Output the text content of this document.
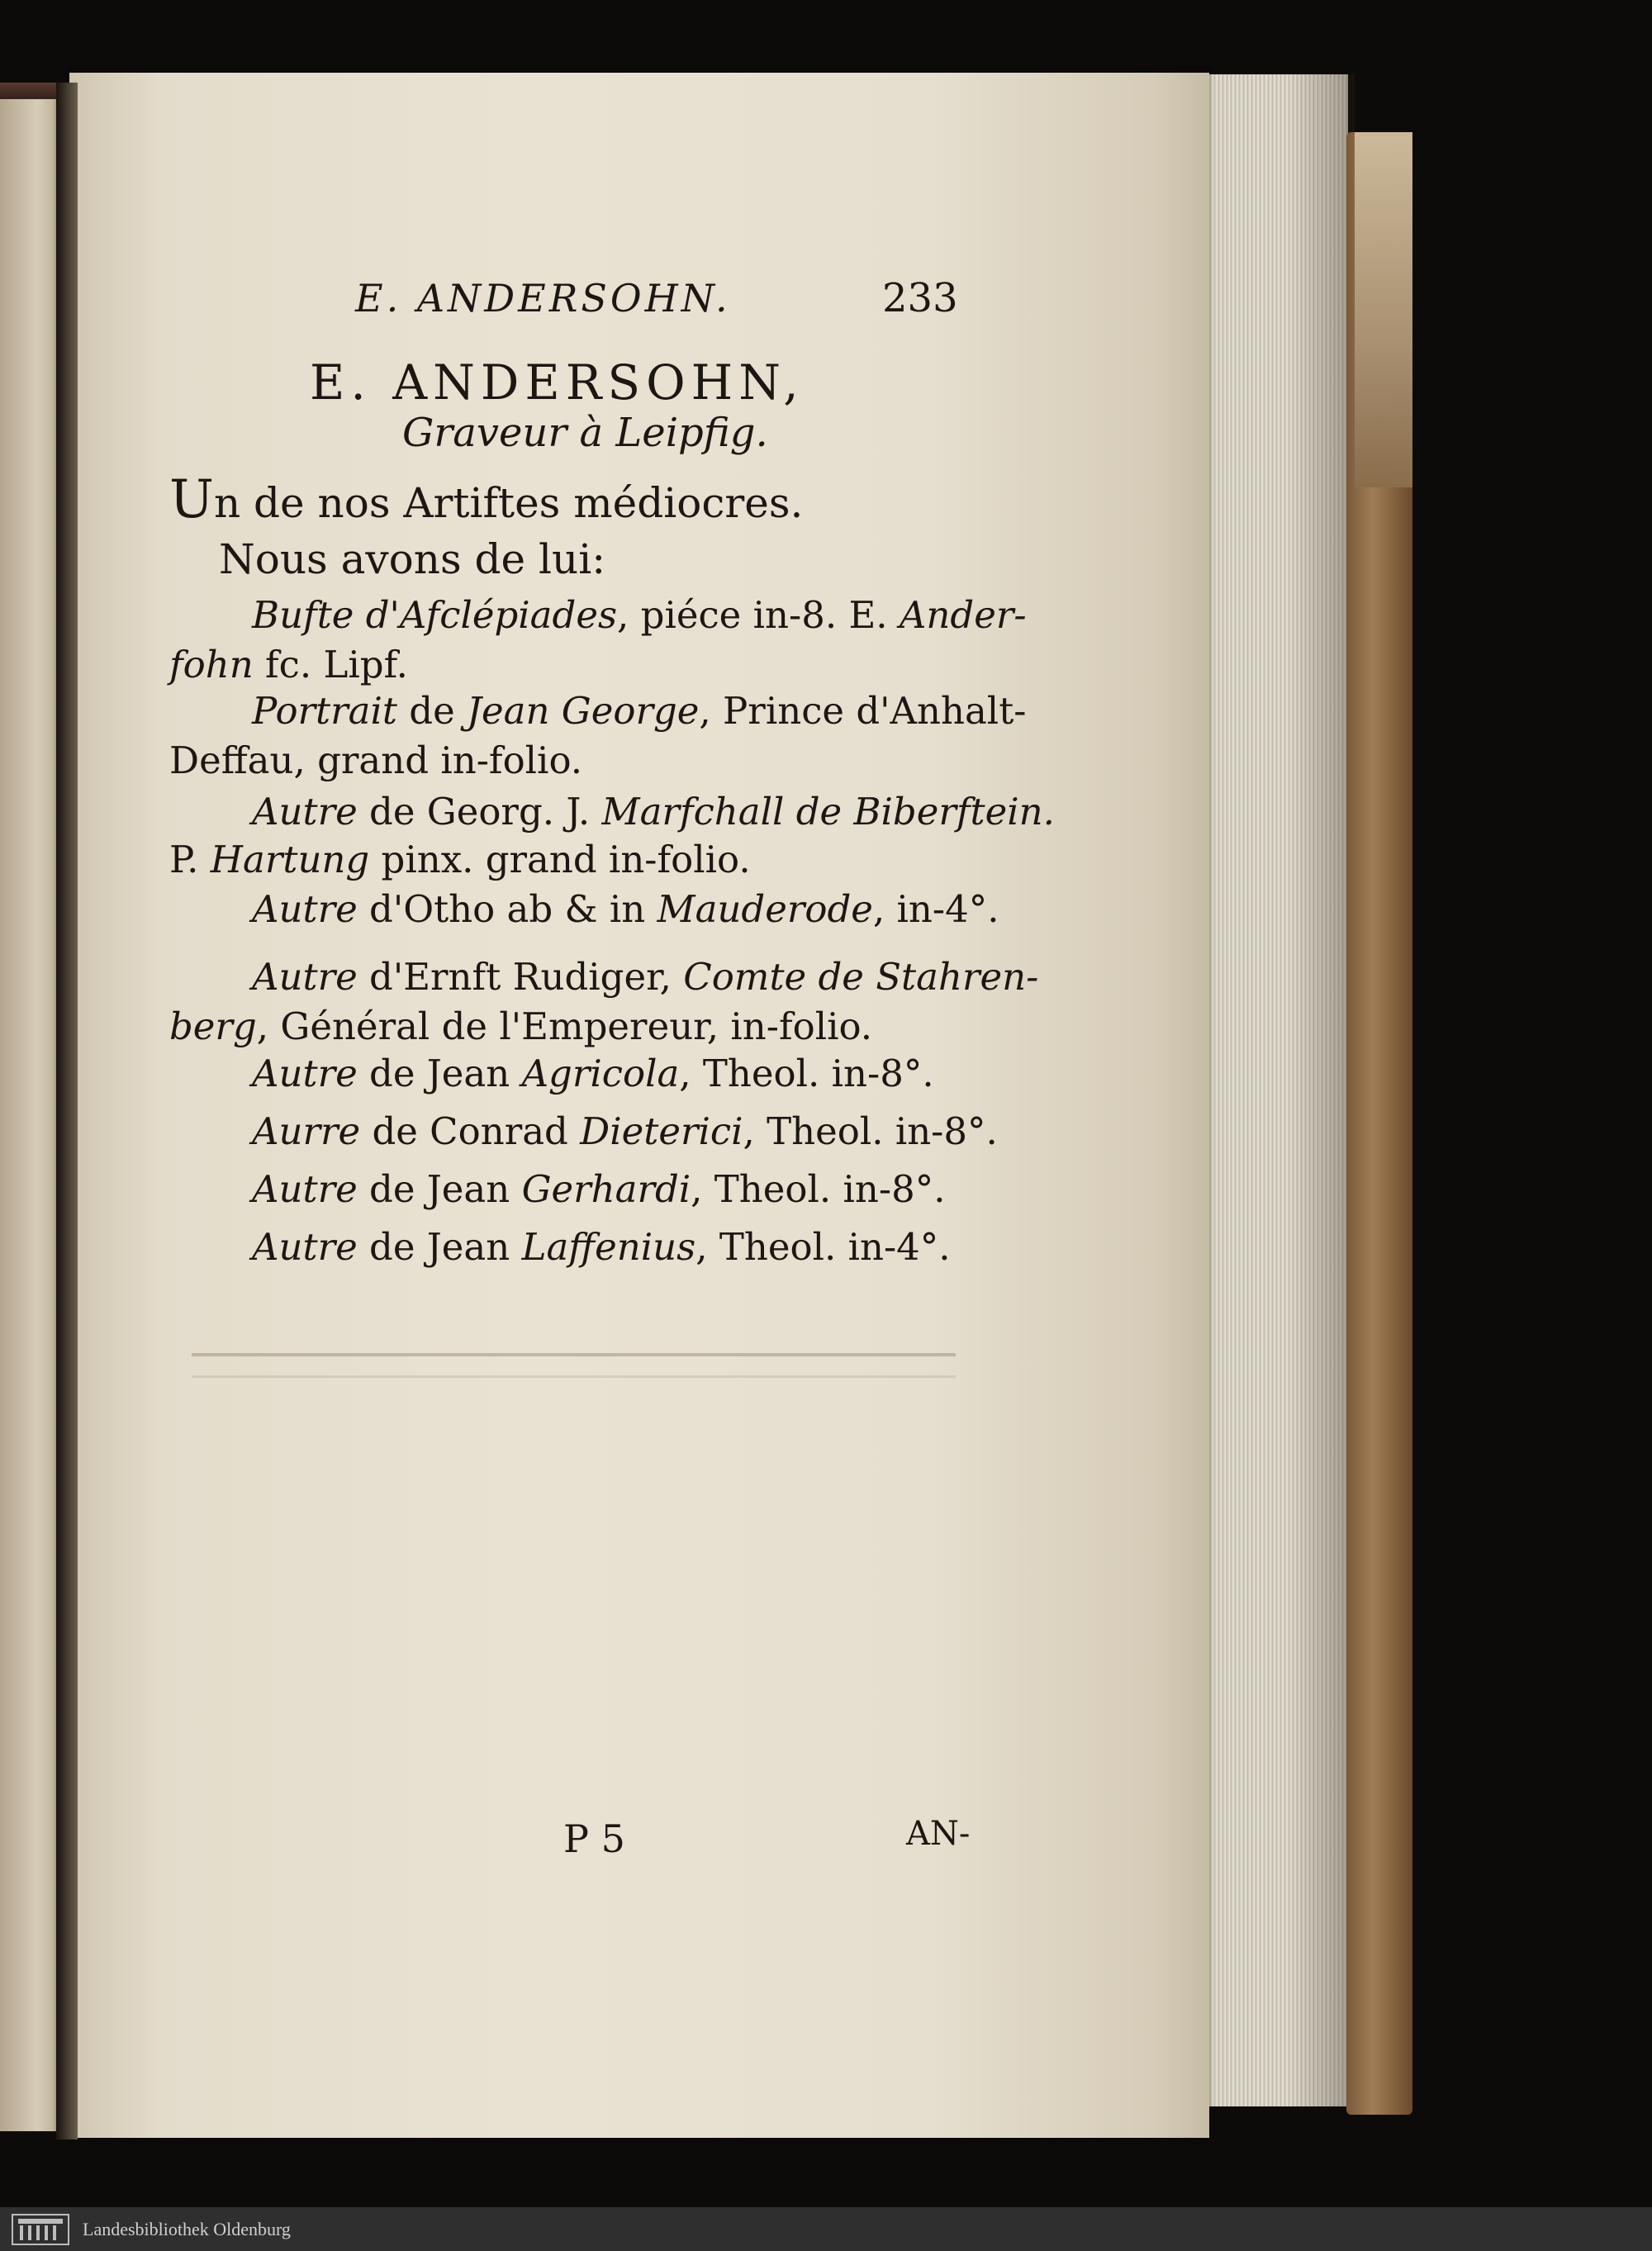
E. ANDERSOHN.	233
E. ANDERSOHN,
Graveur à Leipfig.
Un de nos Artiftes médiocres.
Nous avons de lui:
Bufte d'Afclépiades, piéce in-8. E. Ander-
fohn fc. Lipf.
Portrait de Jean George, Prince d'Anhalt-
Deffau, grand in-folio.
Autre de Georg. J. Marfchall de Biberftein.
P. Hartung pinx. grand in-folio.
Autre d'Otho ab & in Mauderode, in-4°.
Autre d'Ernft Rudiger, Comte de Stahren-
berg, Général de l'Empereur, in-folio.
Autre de Jean Agricola, Theol. in-8°.
Aurre de Conrad Dieterici, Theol. in-8°.
Autre de Jean Gerhardi, Theol. in-8°.
Autre de Jean Laffenius, Theol. in-4°.
P 5	AN-
Landesbibliothek Oldenburg
